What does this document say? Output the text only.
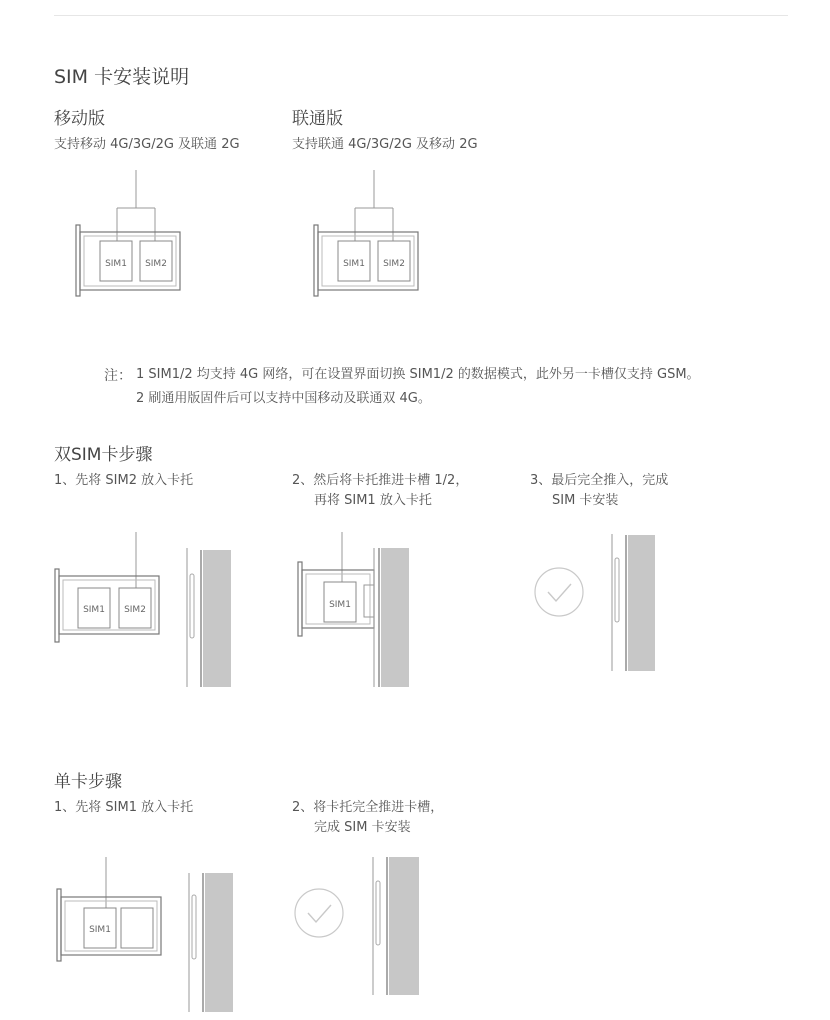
SIM 卡安装说明
移动版
支持移动 4G/3G/2G 及联通 2G
联通版
支持联通 4G/3G/2G 及移动 2G
SIM1 SIM2	SIM1 SIM2
注： 1 SIM1/2 均支持 4G 网络，可在设置界面切换 SIM1/2 的数据模式，此外另一卡槽仅支持 GSM。
2 刷通用版固件后可以支持中国移动及联通双 4G。
双SIM卡步骤
1、先将 SIM2 放入卡托	2、然后将卡托推进卡槽 1/2，
再将 SIM1 放入卡托
3、最后完全推入，完成
SIM 卡安装
SIM1 SIM2	SIM1
单卡步骤
1、先将 SIM1 放入卡托	2、将卡托完全推进卡槽，
完成 SIM 卡安装
SIM1
